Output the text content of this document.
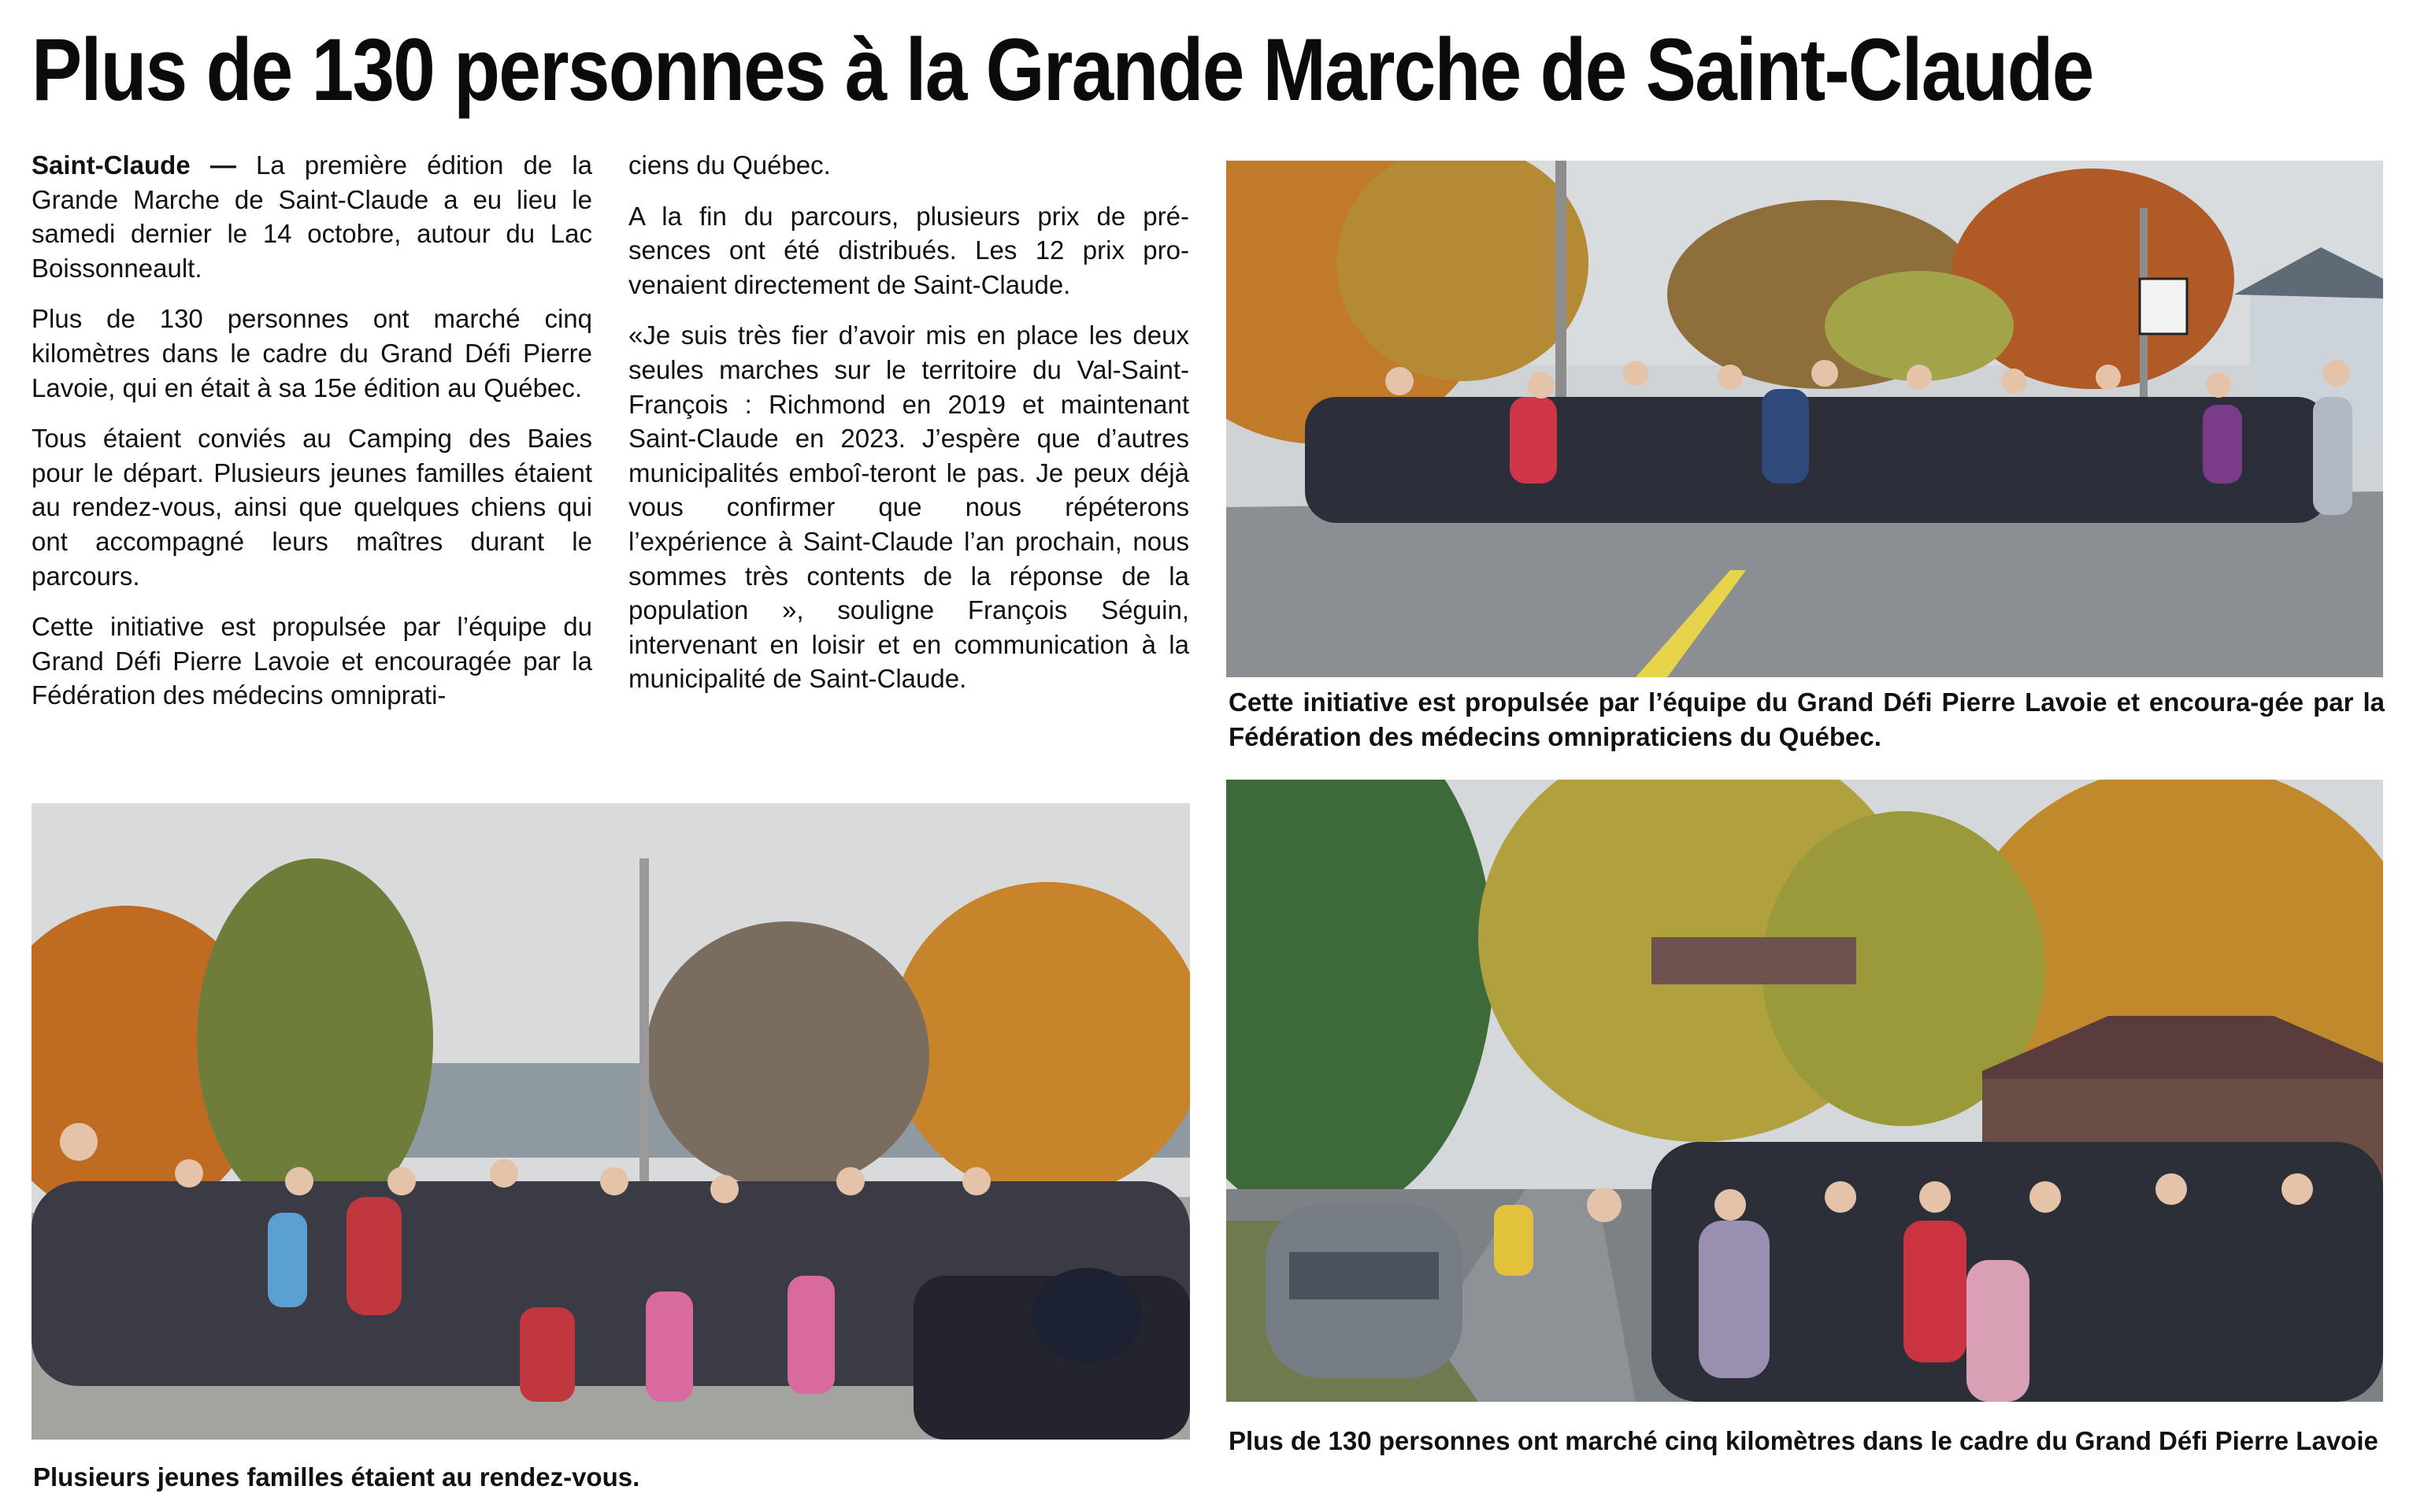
Plus de 130 personnes à la Grande Marche de Saint-Claude

Saint-Claude — La première édition de la Grande Marche de Saint-Claude a eu lieu le samedi dernier le 14 octobre, autour du Lac Boissonneault.

Plus de 130 personnes ont marché cinq kilomètres dans le cadre du Grand Défi Pierre Lavoie, qui en était à sa 15e édition au Québec.

Tous étaient conviés au Camping des Baies pour le départ. Plusieurs jeunes familles étaient au rendez-vous, ainsi que quelques chiens qui ont accompagné leurs maîtres durant le parcours.

Cette initiative est propulsée par l’équipe du Grand Défi Pierre Lavoie et encouragée par la Fédération des médecins omniprati-

ciens du Québec.

A la fin du parcours, plusieurs prix de pré-sences ont été distribués. Les 12 prix pro-venaient directement de Saint-Claude.

«Je suis très fier d’avoir mis en place les deux seules marches sur le territoire du Val-Saint-François : Richmond en 2019 et maintenant Saint-Claude en 2023. J’espère que d’autres municipalités emboî-teront le pas. Je peux déjà vous confirmer que nous répéterons l’expérience à Saint-Claude l’an prochain, nous sommes très contents de la réponse de la population », souligne François Séguin, intervenant en loisir et en communication à la municipalité de Saint-Claude.

Cette initiative est propulsée par l’équipe du Grand Défi Pierre Lavoie et encoura-gée par la Fédération des médecins omnipraticiens du Québec.
Plusieurs jeunes familles étaient au rendez-vous.
Plus de 130 personnes ont marché cinq kilomètres dans le cadre du Grand Défi Pierre Lavoie
